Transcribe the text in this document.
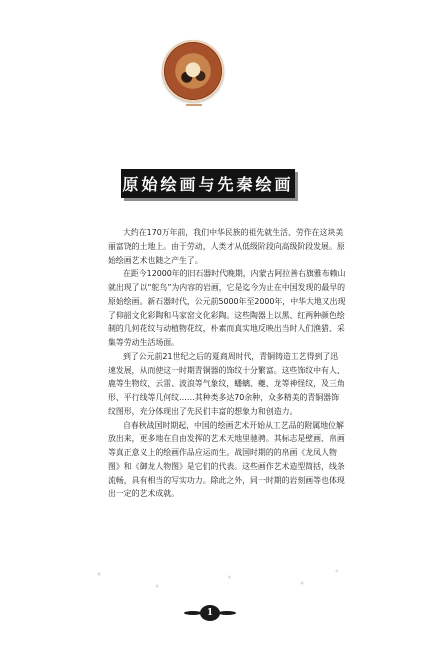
原始绘画与先秦绘画

大约在170万年前，我们中华民族的祖先就生活、劳作在这块美丽富饶的土地上。由于劳动，人类才从低级阶段向高级阶段发展。原始绘画艺术也随之产生了。

在距今12000年的旧石器时代晚期，内蒙古阿拉善右旗雅布赖山就出现了以“鸵鸟”为内容的岩画，它是迄今为止在中国发现的最早的原始绘画。新石器时代，公元前5000年至2000年，中华大地又出现了仰韶文化彩陶和马家窑文化彩陶。这些陶器上以黑、红两种颜色绘制的几何花纹与动植物花纹，朴素而真实地反映出当时人们渔猎、采集等劳动生活场面。

到了公元前21世纪之后的夏商周时代，青铜铸造工艺得到了迅速发展，从而使这一时期青铜器的饰纹十分繁富。这些饰纹中有人、鹿等生物纹，云雷、波浪等气象纹，蟠螭、夔、龙等神怪纹，及三角形、平行线等几何纹……其种类多达70余种，众多精美的青铜器饰纹图形，充分体现出了先民们丰富的想象力和创造力。

自春秋战国时期起，中国的绘画艺术开始从工艺品的附属地位解放出来，更多地在自由发挥的艺术天地里驰骋。其标志是壁画、帛画等真正意义上的绘画作品应运而生。战国时期的的帛画《龙凤人物图》和《御龙人物图》是它们的代表。这些画作艺术造型简括，线条流畅，具有相当的写实功力。除此之外，同一时期的岩刻画等也体现出一定的艺术成就。

1
